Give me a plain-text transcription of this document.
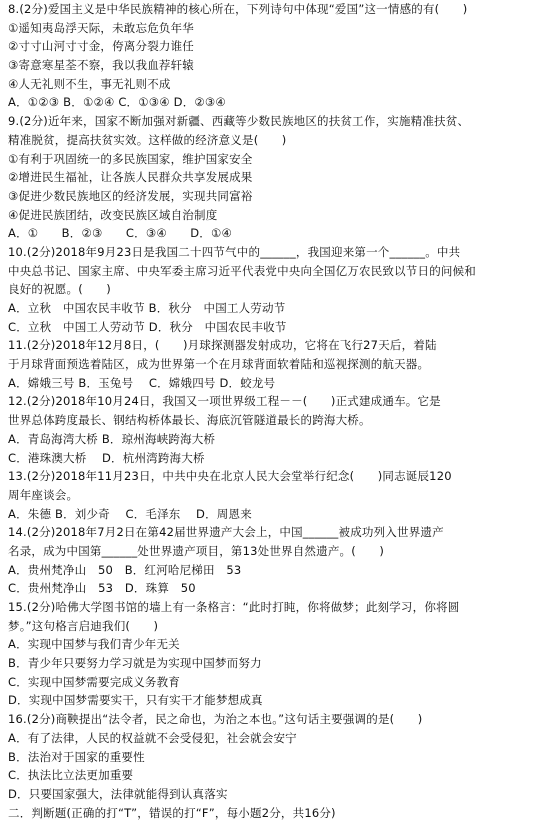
8.(2分)爱国主义是中华民族精神的核心所在，下列诗句中体现“爱国”这一情感的有(　　)
①遥知夷岛浮天际，未敢忘危负年华
②寸寸山河寸寸金，侉离分裂力谁任
③寄意寒星荃不察，我以我血荐轩辕
④人无礼则不生，事无礼则不成
A．①②③ B．①②④ C．①③④ D．②③④
9.(2分)近年来，国家不断加强对新疆、西藏等少数民族地区的扶贫工作，实施精准扶贫、
精准脱贫，提高扶贫实效。这样做的经济意义是(　　)
①有利于巩固统一的多民族国家，维护国家安全
②增进民生福祉，让各族人民群众共享发展成果
③促进少数民族地区的经济发展，实现共同富裕
④促进民族团结，改变民族区域自治制度
A．①　　B．②③　　C．③④　　D．①④
10.(2分)2018年9月23日是我国二十四节气中的______，我国迎来第一个______。中共
中央总书记、国家主席、中央军委主席习近平代表党中央向全国亿万农民致以节日的问候和
良好的祝愿。(　　)
A．立秋　中国农民丰收节 B．秋分　中国工人劳动节
C．立秋　中国工人劳动节 D．秋分　中国农民丰收节
11.(2分)2018年12月8日，(　　)月球探测器发射成功，它将在飞行27天后，着陆
于月球背面预选着陆区，成为世界第一个在月球背面软着陆和巡视探测的航天器。
A．嫦娥三号 B．玉兔号　 C．嫦娥四号 D．蛟龙号
12.(2分)2018年10月24日，我国又一项世界级工程－－(　　)正式建成通车。它是
世界总体跨度最长、钢结构桥体最长、海底沉管隧道最长的跨海大桥。
A．青岛海湾大桥 B．琼州海峡跨海大桥
C．港珠澳大桥　 D．杭州湾跨海大桥
13.(2分)2018年11月23日，中共中央在北京人民大会堂举行纪念(　　)同志诞辰120
周年座谈会。
A．朱德 B．刘少奇　 C．毛泽东　 D．周恩来
14.(2分)2018年7月2日在第42届世界遗产大会上，中国______被成功列入世界遗产
名录，成为中国第______处世界遗产项目，第13处世界自然遗产。(　　)
A．贵州梵净山　50　B．红河哈尼梯田　53
C．贵州梵净山　53　D．珠算　50
15.(2分)哈佛大学图书馆的墙上有一条格言：“此时打盹，你将做梦；此刻学习，你将圆
梦。”这句格言启迪我们(　　)
A．实现中国梦与我们青少年无关
B．青少年只要努力学习就是为实现中国梦而努力
C．实现中国梦需要完成义务教育
D．实现中国梦需要实干，只有实干才能梦想成真
16.(2分)商鞅提出“法令者，民之命也，为治之本也。”这句话主要强调的是(　　)
A．有了法律，人民的权益就不会受侵犯，社会就会安宁
B．法治对于国家的重要性
C．执法比立法更加重要
D．只要国家强大，法律就能得到认真落实
二．判断题(正确的打“T”，错误的打“F”，每小题2分，共16分)
